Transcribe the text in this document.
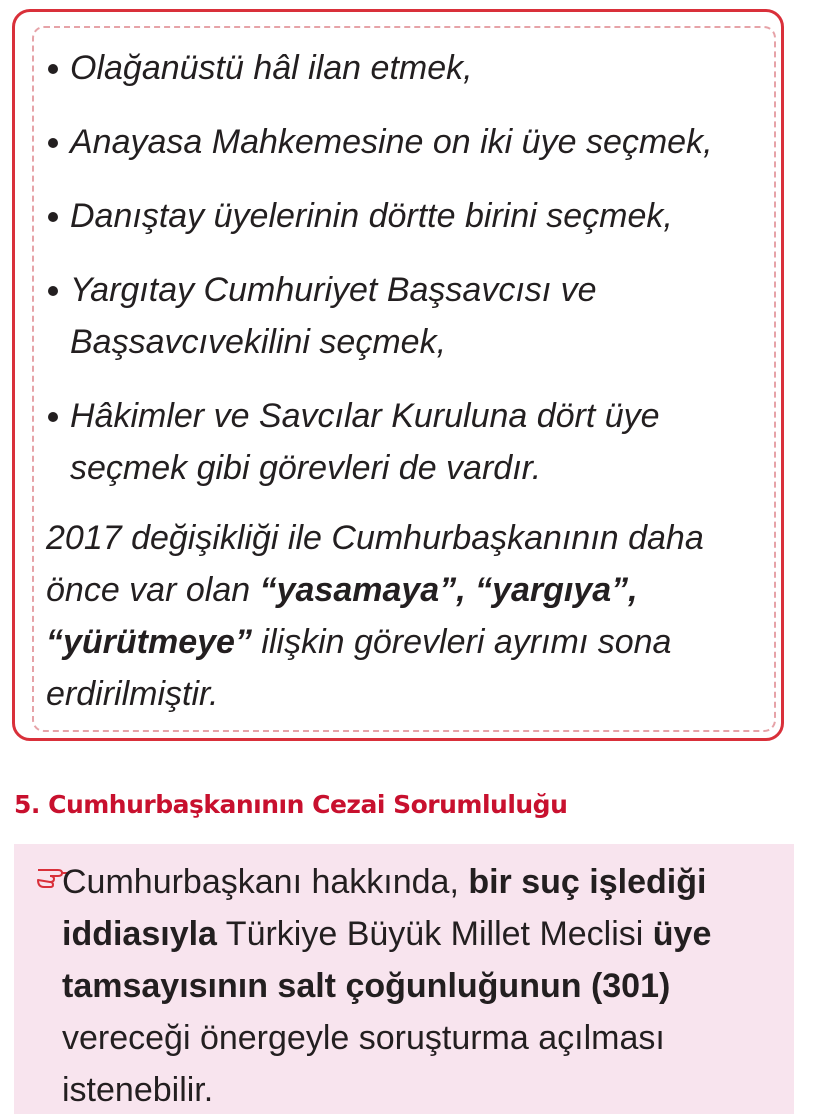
Olağanüstü hâl ilan etmek,
Anayasa Mahkemesine on iki üye seçmek,
Danıştay üyelerinin dörtte birini seçmek,
Yargıtay Cumhuriyet Başsavcısı ve Başsavcıvekilini seçmek,
Hâkimler ve Savcılar Kuruluna dört üye seçmek gibi görevleri de vardır.

2017 değişikliği ile Cumhurbaşkanının daha önce var olan “yasamaya”, “yargıya”, “yürütmeye” ilişkin görevleri ayrımı sona erdirilmiştir.

5. Cumhurbaşkanının Cezai Sorumluluğu

Cumhurbaşkanı hakkında, bir suç işlediği iddiasıyla Türkiye Büyük Millet Meclisi üye tamsayısının salt çoğunluğunun (301) vereceği önergeyle soruşturma açılması istenebilir.
